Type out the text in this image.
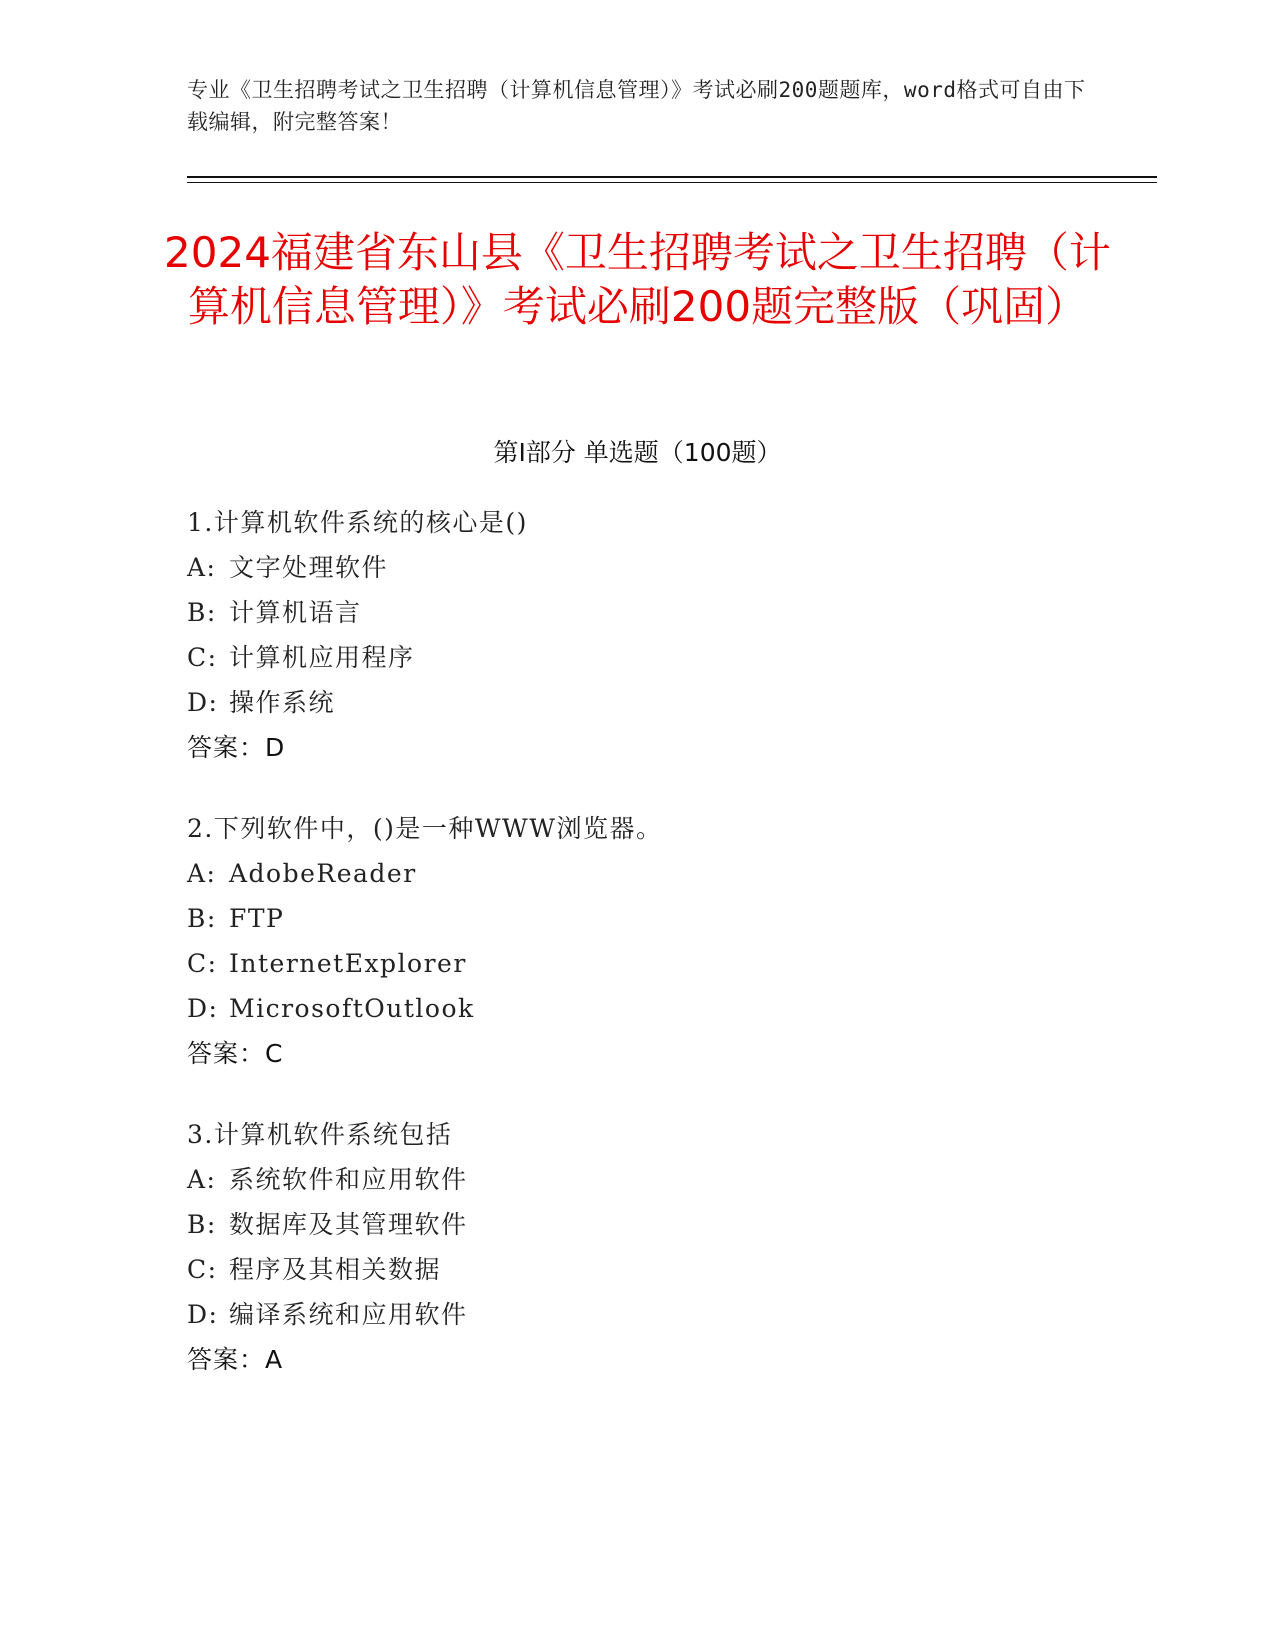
专业《卫生招聘考试之卫生招聘（计算机信息管理）》考试必刷200题题库，word格式可自由下载编辑，附完整答案！
2024福建省东山县《卫生招聘考试之卫生招聘（计算机信息管理）》考试必刷200题完整版（巩固）
第I部分 单选题（100题）
1.计算机软件系统的核心是()
A: 文字处理软件
B: 计算机语言
C: 计算机应用程序
D: 操作系统
答案：D
2.下列软件中，()是一种WWW浏览器。
A: AdobeReader
B: FTP
C: InternetExplorer
D: MicrosoftOutlook
答案：C
3.计算机软件系统包括
A: 系统软件和应用软件
B: 数据库及其管理软件
C: 程序及其相关数据
D: 编译系统和应用软件
答案：A
